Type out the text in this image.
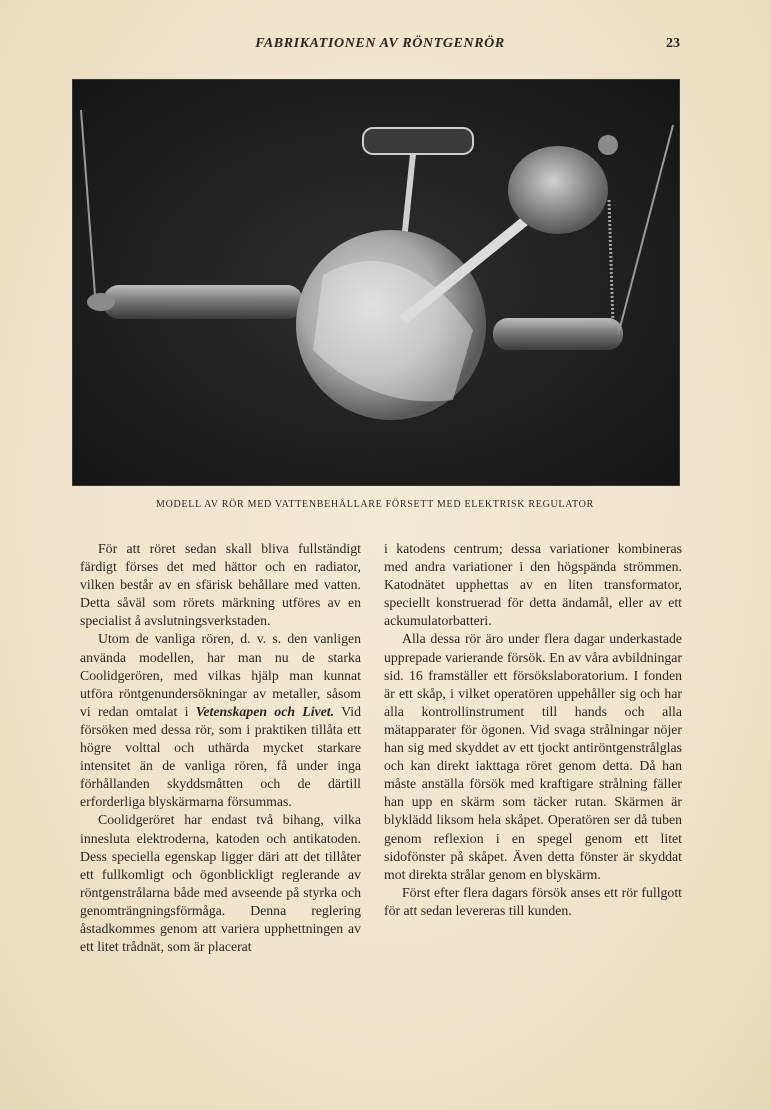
FABRIKATIONEN AV RÖNTGENRÖR	23
MODELL AV RÖR MED VATTENBEHÅLLARE FÖRSETT MED ELEKTRISK REGULATOR

För att röret sedan skall bliva fullständigt färdigt förses det med hättor och en radiator, vilken består av en sfärisk behållare med vatten. Detta såväl som rörets märkning utföres av en specialist å avslutningsverkstaden.

Utom de vanliga rören, d. v. s. den vanligen använda modellen, har man nu de starka Coolidgerören, med vilkas hjälp man kunnat utföra röntgenundersökningar av metaller, såsom vi redan omtalat i Vetenskapen och Livet. Vid försöken med dessa rör, som i praktiken tillåta ett högre volttal och uthärda mycket starkare intensitet än de vanliga rören, få under inga förhållanden skyddsmåtten och de därtill erforderliga blyskärmarna försummas.

Coolidgeröret har endast två bihang, vilka innesluta elektroderna, katoden och antikatoden. Dess speciella egenskap ligger däri att det tillåter ett fullkomligt och ögonblickligt reglerande av röntgenstrålarna både med avseende på styrka och genomträngningsförmåga. Denna reglering åstadkommes genom att variera upphettningen av ett litet trådnät, som är placerat

i katodens centrum; dessa variationer kombineras med andra variationer i den högspända strömmen. Katodnätet upphettas av en liten transformator, speciellt konstruerad för detta ändamål, eller av ett ackumulatorbatteri.

Alla dessa rör äro under flera dagar underkastade upprepade varierande försök. En av våra avbildningar sid. 16 framställer ett försökslaboratorium. I fonden är ett skåp, i vilket operatören uppehåller sig och har alla kontrollinstrument till hands och alla mätapparater för ögonen. Vid svaga strålningar nöjer han sig med skyddet av ett tjockt antiröntgenstrålglas och kan direkt iakttaga röret genom detta. Då han måste anställa försök med kraftigare strålning fäller han upp en skärm som täcker rutan. Skärmen är blyklädd liksom hela skåpet. Operatören ser då tuben genom reflexion i en spegel genom ett litet sidofönster på skåpet. Även detta fönster är skyddat mot direkta strålar genom en blyskärm.

Först efter flera dagars försök anses ett rör fullgott för att sedan levereras till kunden.
